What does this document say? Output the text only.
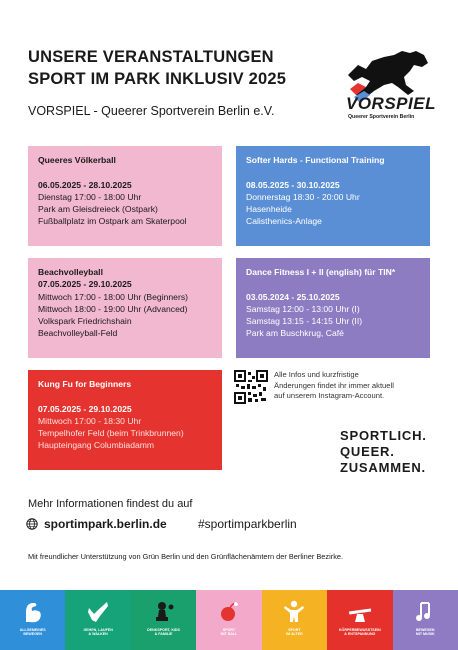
UNSERE VERANSTALTUNGEN
SPORT IM PARK INKLUSIV 2025
VORSPIEL - Queerer Sportverein Berlin e.V.	VORSPIEL
Queerer Sportverein Berlin
Queeres Völkerball
06.05.2025 - 28.10.2025
Dienstag 17:00 - 18:00 Uhr
Park am Gleisdreieck (Ostpark)
Fußballplatz im Ostpark am Skaterpool
Softer Hards - Functional Training
08.05.2025 - 30.10.2025
Donnerstag 18:30 - 20:00 Uhr
Hasenheide
Calisthenics-Anlage
Beachvolleyball
07.05.2025 - 29.10.2025
Mittwoch 17:00 - 18:00 Uhr (Beginners)
Mittwoch 18:00 - 19:00 Uhr (Advanced)
Volkspark Friedrichshain
Beachvolleyball-Feld
Dance Fitness I + II (english) für TIN*
03.05.2024 - 25.10.2025
Samstag 12:00 - 13:00 Uhr (I)
Samstag 13:15 - 14:15 Uhr (II)
Park am Buschkrug, Café
Kung Fu for Beginners
07.05.2025 - 29.10.2025
Mittwoch 17:00 - 18:30 Uhr
Tempelhofer Feld (beim Trinkbrunnen)
Haupteingang Columbiadamm
Alle Infos und kurzfristige
Änderungen findet ihr immer aktuell
auf unserem Instagram-Account.
SPORTLICH.
QUEER.
ZUSAMMEN.
Mehr Informationen findest du auf
sportimpark.berlin.de	#sportimparkberlin
Mit freundlicher Unterstützung von Grün Berlin und den Grünflächenämtern der Berliner Bezirke.
ALLGEMEINES
BEWEGEN
GEHEN, LAUFEN
& WALKEN
DENKSPORT, KIDS
& FAMILIE
SPORT
MIT BALL
SPORT
IM ALTER
KÖRPERBEWUSSTSEIN
& ENTSPANNUNG
BEWEGEN
MIT MUSIK
